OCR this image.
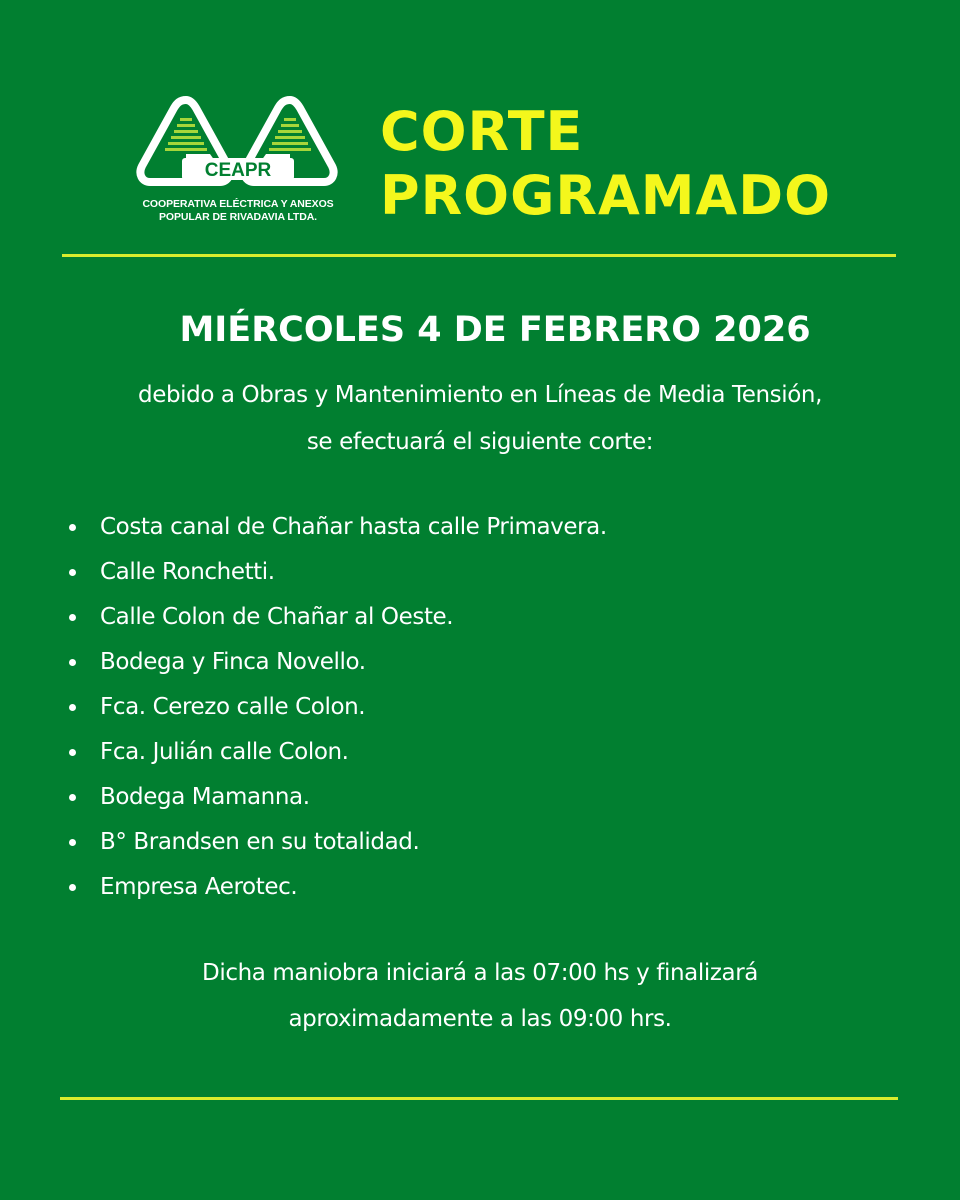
CEAPR
COOPERATIVA ELÉCTRICA Y ANEXOS
POPULAR DE RIVADAVIA LTDA.
CORTE
PROGRAMADO
MIÉRCOLES 4 DE FEBRERO 2026
debido a Obras y Mantenimiento en Líneas de Media Tensión,
se efectuará el siguiente corte:
Costa canal de Chañar hasta calle Primavera.
Calle Ronchetti.
Calle Colon de Chañar al Oeste.
Bodega y Finca Novello.
Fca. Cerezo calle Colon.
Fca. Julián calle Colon.
Bodega Mamanna.
B° Brandsen en su totalidad.
Empresa Aerotec.
Dicha maniobra iniciará a las 07:00 hs y finalizará
aproximadamente a las 09:00 hrs.
